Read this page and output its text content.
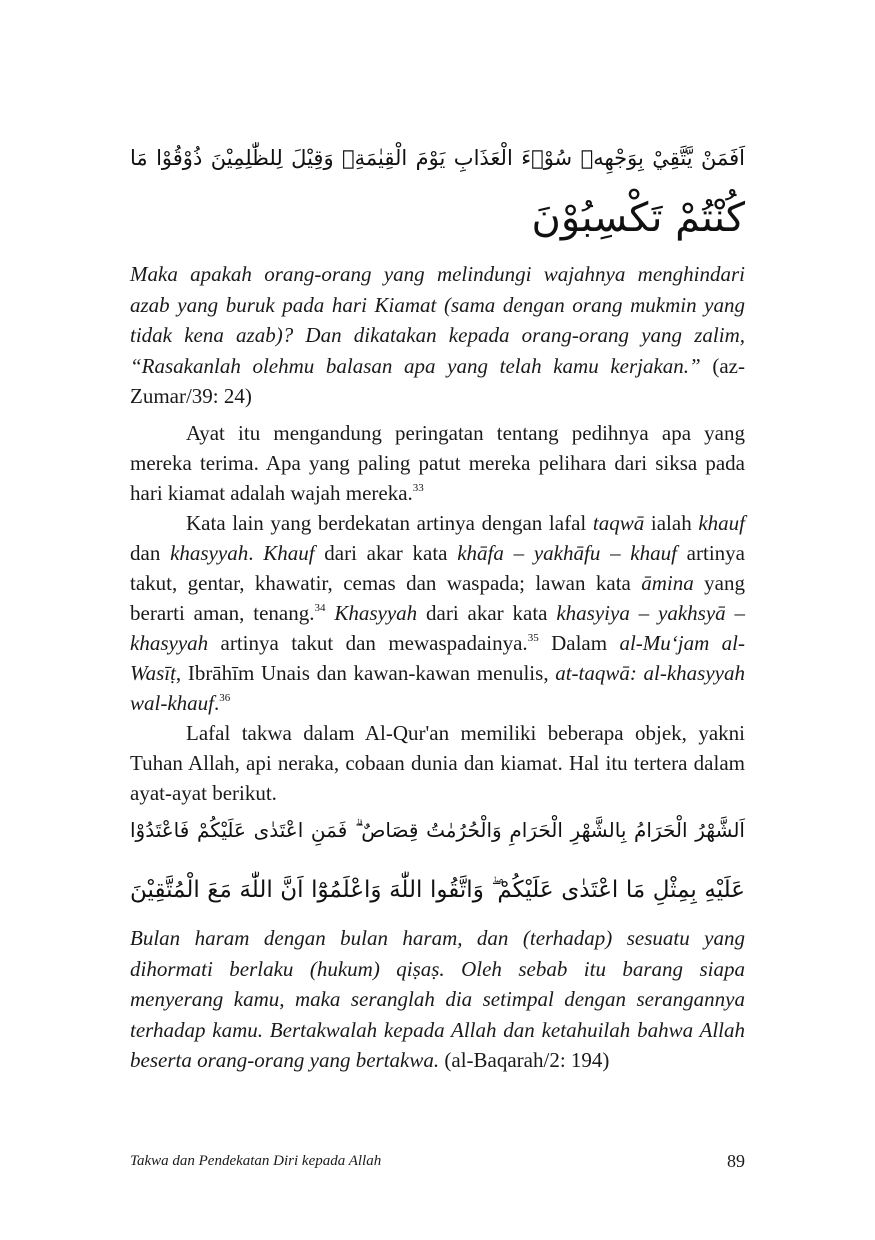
اَفَمَنْ يَّتَّقِيْ بِوَجْهِهٖ سُوْۤءَ الْعَذَابِ يَوْمَ الْقِيٰمَةِۗ وَقِيْلَ لِلظّٰلِمِيْنَ ذُوْقُوْا مَا
كُنْتُمْ تَكْسِبُوْنَ
Maka apakah orang-orang yang melindungi wajahnya menghindari azab yang buruk pada hari Kiamat (sama dengan orang mukmin yang tidak kena azab)? Dan dikatakan kepada orang-orang yang zalim, “Rasakanlah olehmu balasan apa yang telah kamu kerjakan.” (az-Zumar/39: 24)

Ayat itu mengandung peringatan tentang pedihnya apa yang mereka terima. Apa yang paling patut mereka pelihara dari siksa pada hari kiamat adalah wajah mereka.$^{33}$

Kata lain yang berdekatan artinya dengan lafal taqwā ialah khauf dan khasyyah. Khauf dari akar kata khāfa – yakhāfu – khauf artinya takut, gentar, khawatir, cemas dan waspada; lawan kata āmina yang berarti aman, tenang.$^{34}$ Khasyyah dari akar kata khasyiya – yakhsyā – khasyyah artinya takut dan mewaspadainya.$^{35}$ Dalam al-Mu‘jam al-Wasīṭ, Ibrāhīm Unais dan kawan-kawan menulis, at-taqwā: al-khasyyah wal-khauf.$^{36}$

Lafal takwa dalam Al-Qur'an memiliki beberapa objek, yakni Tuhan Allah, api neraka, cobaan dunia dan kiamat. Hal itu tertera dalam ayat-ayat berikut.

اَلشَّهْرُ الْحَرَامُ بِالشَّهْرِ الْحَرَامِ وَالْحُرُمٰتُ قِصَاصٌ ۗ فَمَنِ اعْتَدٰى عَلَيْكُمْ فَاعْتَدُوْا
عَلَيْهِ بِمِثْلِ مَا اعْتَدٰى عَلَيْكُمْ ۖ وَاتَّقُوا اللّٰهَ وَاعْلَمُوْٓا اَنَّ اللّٰهَ مَعَ الْمُتَّقِيْنَ
Bulan haram dengan bulan haram, dan (terhadap) sesuatu yang dihormati berlaku (hukum) qiṣaṣ. Oleh sebab itu barang siapa menyerang kamu, maka seranglah dia setimpal dengan serangannya terhadap kamu. Bertakwalah kepada Allah dan ketahuilah bahwa Allah beserta orang-orang yang bertakwa. (al-Baqarah/2: 194)
Takwa dan Pendekatan Diri kepada Allah	89
